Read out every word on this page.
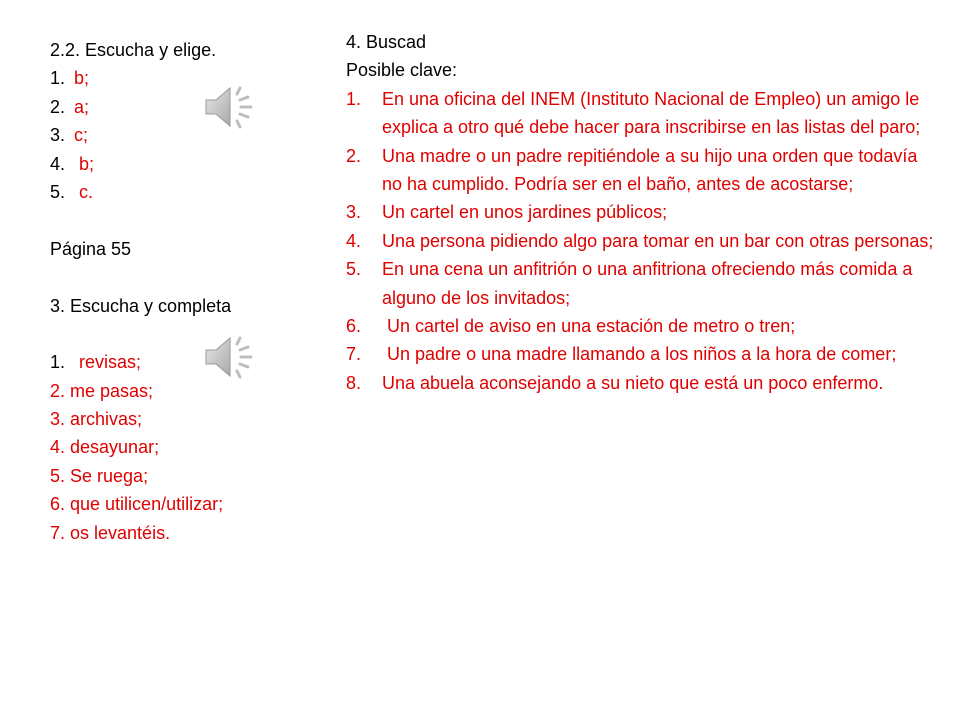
2.2. Escucha y elige.
1. b;
2. a;
3. c;
4. b;
5. c.
Página 55
3. Escucha y completa
1. revisas;
2. me pasas;
3. archivas;
4. desayunar;
5. Se ruega;
6. que utilicen/utilizar;
7. os levantéis.
4. Buscad
Posible clave:
1.	En una oficina del INEM (Instituto Nacional de Empleo) un amigo le explica a otro qué debe hacer para inscribirse en las listas del paro;
2.	Una madre o un padre repitiéndole a su hijo una orden que todavía no ha cumplido. Podría ser en el baño, antes de acostarse;
3.	Un cartel en unos jardines públicos;
4.	Una persona pidiendo algo para tomar en un bar con otras personas;
5.	En una cena un anfitrión o una anfitriona ofreciendo más comida a alguno de los invitados;
6.	Un cartel de aviso en una estación de metro o tren;
7.	Un padre o una madre llamando a los niños a la hora de comer;
8.	Una abuela aconsejando a su nieto que está un poco enfermo.
